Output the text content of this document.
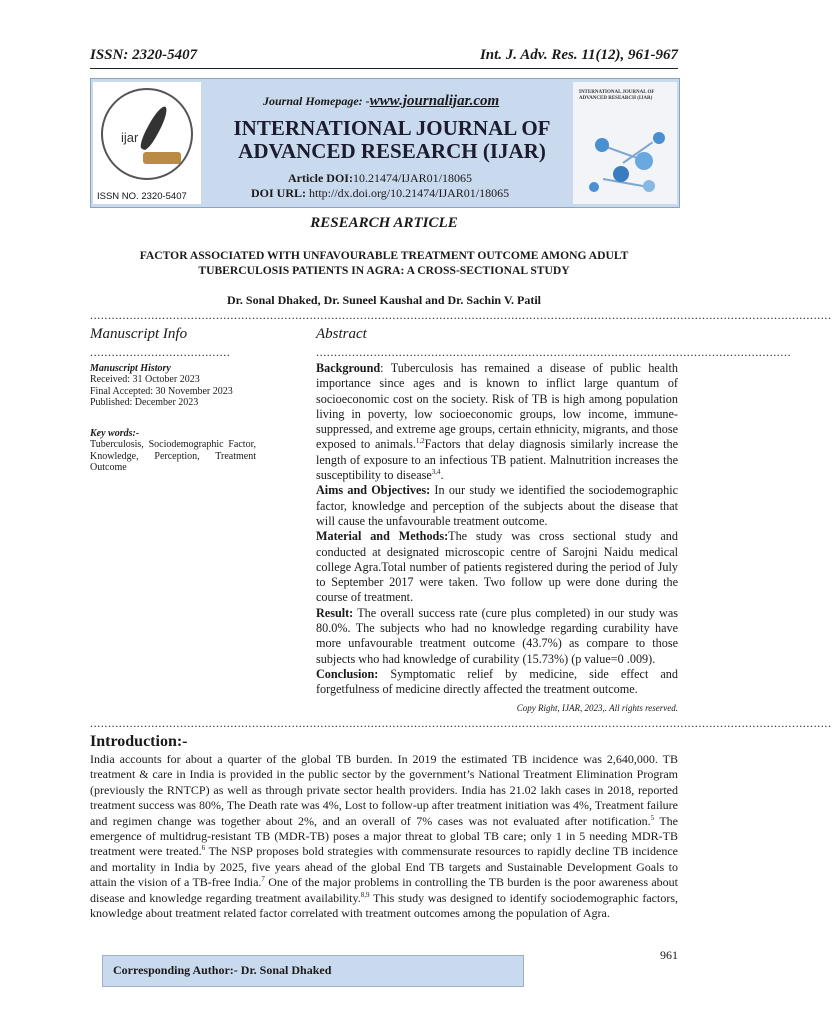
ISSN: 2320-5407	Int. J. Adv. Res. 11(12), 961-967
ijar
ISSN NO. 2320-5407
Journal Homepage: -www.journalijar.com
INTERNATIONAL JOURNAL OF
ADVANCED RESEARCH (IJAR)
Article DOI:10.21474/IJAR01/18065
DOI URL: http://dx.doi.org/10.21474/IJAR01/18065
INTERNATIONAL JOURNAL OF ADVANCED RESEARCH (IJAR)
RESEARCH ARTICLE
FACTOR ASSOCIATED WITH UNFAVOURABLE TREATMENT OUTCOME AMONG ADULT
TUBERCULOSIS PATIENTS IN AGRA: A CROSS-SECTIONAL STUDY
Dr. Sonal Dhaked, Dr. Suneel Kaushal and Dr. Sachin V. Patil
..............................................................................................................................................................................................................
Manuscript Info
.......................................
Manuscript History
Received: 31 October 2023
Final Accepted: 30 November 2023
Published: December 2023
Key words:-
Tuberculosis, Sociodemographic Factor, Knowledge, Perception, Treatment Outcome
Abstract
....................................................................................................................................

Background: Tuberculosis has remained a disease of public health importance since ages and is known to inflict large quantum of socioeconomic cost on the society. Risk of TB is high among population living in poverty, low socioeconomic groups, low income, immune-suppressed, and extreme age groups, certain ethnicity, migrants, and those exposed to animals.$^{1,2}$Factors that delay diagnosis similarly increase the length of exposure to an infectious TB patient. Malnutrition increases the susceptibility to disease$^{3,4}$.

Aims and Objectives: In our study we identified the sociodemographic factor, knowledge and perception of the subjects about the disease that will cause the unfavourable treatment outcome.

Material and Methods:The study was cross sectional study and conducted at designated microscopic centre of Sarojni Naidu medical college Agra.Total number of patients registered during the period of July to September 2017 were taken. Two follow up were done during the course of treatment.

Result: The overall success rate (cure plus completed) in our study was 80.0%. The subjects who had no knowledge regarding curability have more unfavourable treatment outcome (43.7%) as compare to those subjects who had knowledge of curability (15.73%) (p value=0 .009).

Conclusion: Symptomatic relief by medicine, side effect and forgetfulness of medicine directly affected the treatment outcome.

Copy Right, IJAR, 2023,. All rights reserved.
..............................................................................................................................................................................................................
Introduction:-
India accounts for about a quarter of the global TB burden. In 2019 the estimated TB incidence was 2,640,000. TB treatment & care in India is provided in the public sector by the government’s National Treatment Elimination Program (previously the RNTCP) as well as through private sector health providers. India has 21.02 lakh cases in 2018, reported treatment success was 80%, The Death rate was 4%, Lost to follow-up after treatment initiation was 4%, Treatment failure and regimen change was together about 2%, and an overall of 7% cases was not evaluated after notification.$^5$ The emergence of multidrug-resistant TB (MDR-TB) poses a major threat to global TB care; only 1 in 5 needing MDR-TB treatment were treated.$^6$ The NSP proposes bold strategies with commensurate resources to rapidly decline TB incidence and mortality in India by 2025, five years ahead of the global End TB targets and Sustainable Development Goals to attain the vision of a TB-free India.$^7$ One of the major problems in controlling the TB burden is the poor awareness about disease and knowledge regarding treatment availability.$^{8,9}$ This study was designed to identify sociodemographic factors, knowledge about treatment related factor correlated with treatment outcomes among the population of Agra.
961
Corresponding Author:- Dr. Sonal Dhaked
